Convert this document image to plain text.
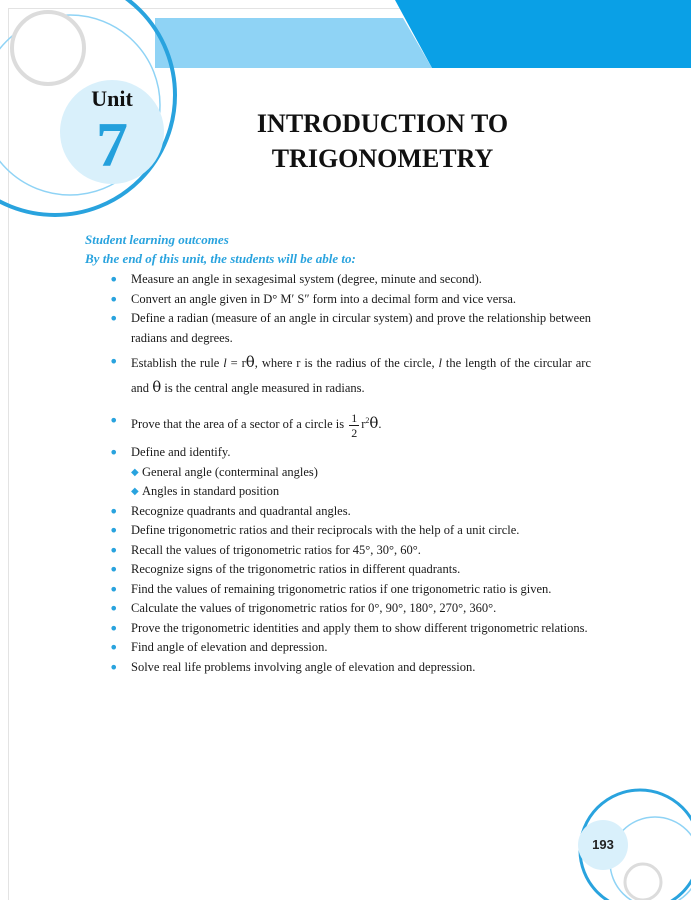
Unit
7	INTRODUCTION TO
TRIGONOMETRY
Student learning outcomes
By the end of this unit, the students will be able to:
• Measure an angle in sexagesimal system (degree, minute and second).
• Convert an angle given in D° M′ S″ form into a decimal form and vice versa.
• Define a radian (measure of an angle in circular system) and prove the relationship between radians and degrees.
• Establish the rule l = rθ, where r is the radius of the circle, l the length of the circular arc and θ is the central angle measured in radians.
• Prove that the area of a sector of a circle is $\frac{1}{2} r^2\theta$.
• Define and identify.
◆ General angle (conterminal angles)
◆ Angles in standard position
• Recognize quadrants and quadrantal angles.
• Define trigonometric ratios and their reciprocals with the help of a unit circle.
• Recall the values of trigonometric ratios for 45°, 30°, 60°.
• Recognize signs of the trigonometric ratios in different quadrants.
• Find the values of remaining trigonometric ratios if one trigonometric ratio is given.
• Calculate the values of trigonometric ratios for 0°, 90°, 180°, 270°, 360°.
• Prove the trigonometric identities and apply them to show different trigonometric relations.
• Find angle of elevation and depression.
• Solve real life problems involving angle of elevation and depression.
193
